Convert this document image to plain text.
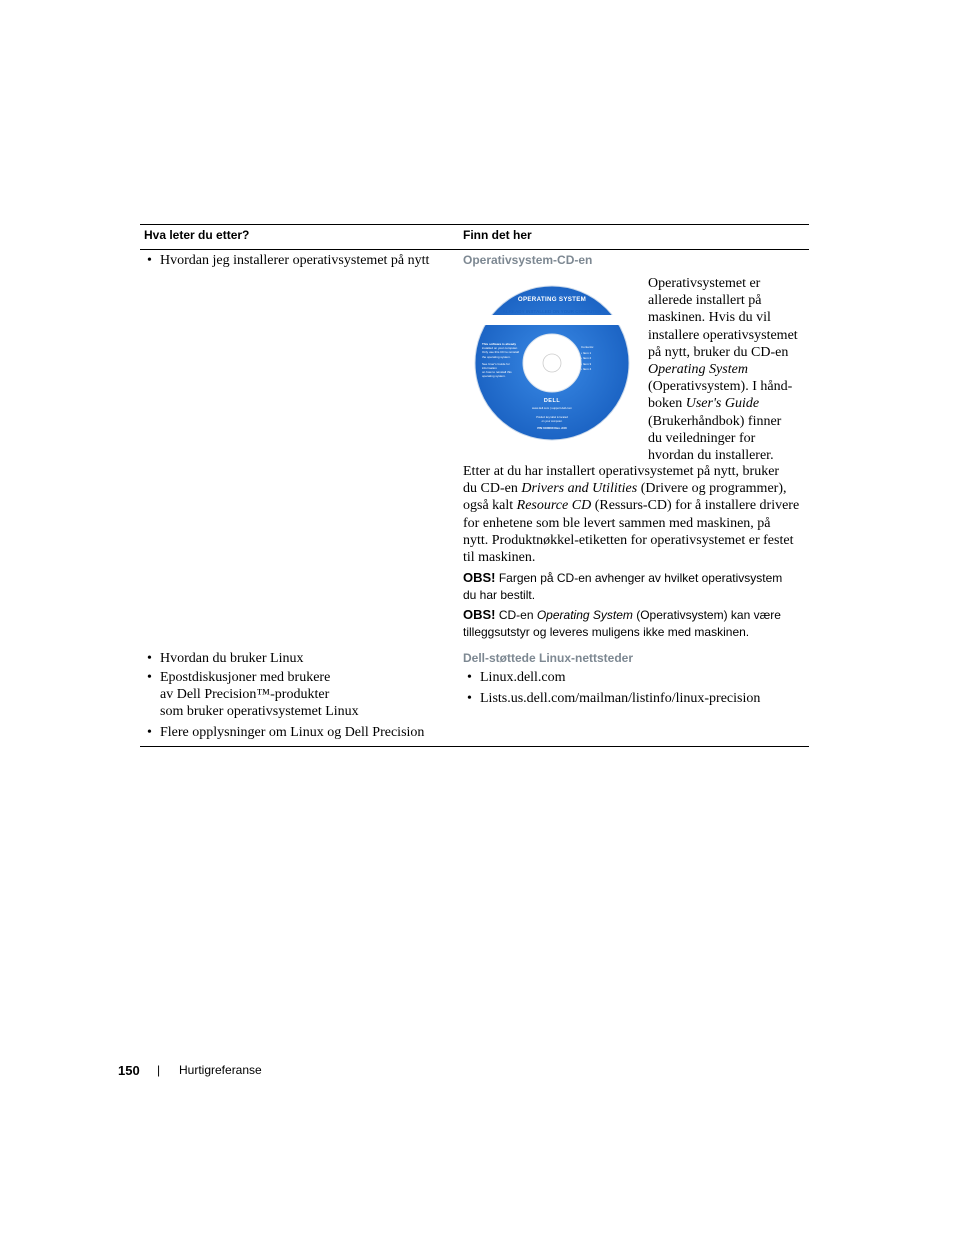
Hva leter du etter?	Finn det her
• Hvordan jeg installerer operativsystemet på nytt	Operativsystem-CD-en
OPERATING SYSTEM
ALREADY INSTALLED ON YOUR COMPUTER
Reinstallation CD
Microsoft® Windows® XP Professional
This software is already
installed on your computer.
Only use this CD to reinstall
the operating system.
See User's Guide for information
on how to reinstall this
operating system.
Contents:
• Item 1
• Item 2
• Item 3
• Item 4
DELL
www.dell.com | support.dell.com
Product key label is located
on your computer.
P/N 0X0000 Rev. A00
Operativsystemet er
allerede installert på
maskinen. Hvis du vil
installere operativsystemet
på nytt, bruker du CD-en
Operating System
(Operativsystem). I hånd-
boken User's Guide
(Brukerhåndbok) finner
du veiledninger for
hvordan du installerer.
Etter at du har installert operativsystemet på nytt, bruker
du CD-en Drivers and Utilities (Drivere og programmer),
også kalt Resource CD (Ressurs-CD) for å installere drivere
for enhetene som ble levert sammen med maskinen, på
nytt. Produktnøkkel-etiketten for operativsystemet er festet
til maskinen.
OBS! Fargen på CD-en avhenger av hvilket operativsystem
du har bestilt.
OBS! CD-en Operating System (Operativsystem) kan være
tilleggsutstyr og leveres muligens ikke med maskinen.
• Hvordan du bruker Linux
• Epostdiskusjoner med brukere
av Dell Precision™-produkter
som bruker operativsystemet Linux
• Flere opplysninger om Linux og Dell Precision
Dell-støttede Linux-nettsteder
• Linux.dell.com
• Lists.us.dell.com/mailman/listinfo/linux-precision
150 | Hurtigreferanse
